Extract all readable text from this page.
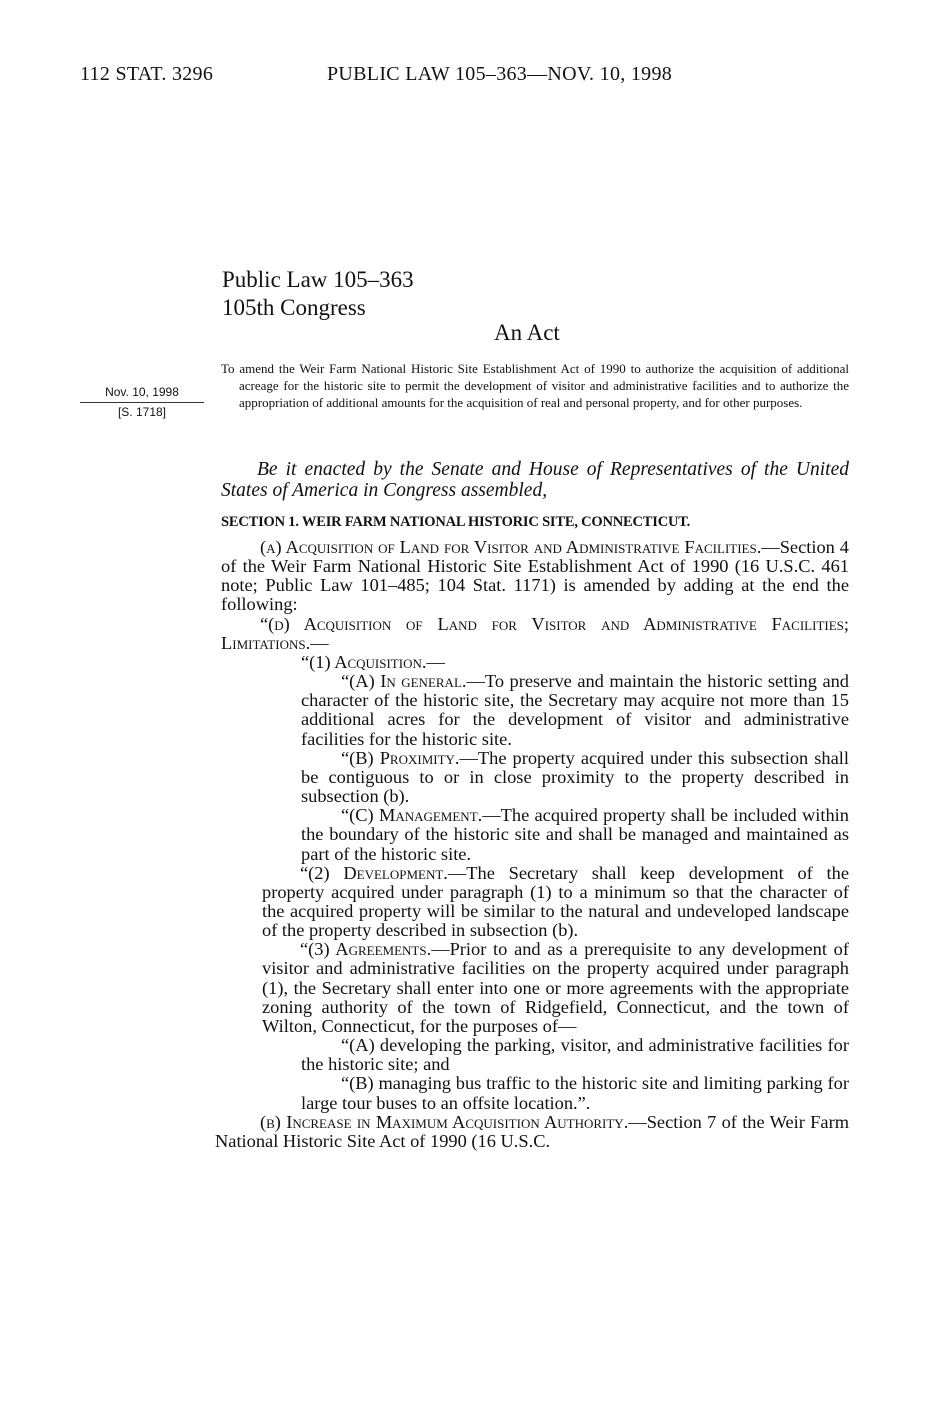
112 STAT. 3296	PUBLIC LAW 105–363—NOV. 10, 1998
Public Law 105–363
105th Congress
An Act
Nov. 10, 1998
[S. 1718]
To amend the Weir Farm National Historic Site Establishment Act of 1990 to authorize the acquisition of additional acreage for the historic site to permit the development of visitor and administrative facilities and to authorize the appropriation of additional amounts for the acquisition of real and personal property, and for other purposes.
Be it enacted by the Senate and House of Representatives of the United States of America in Congress assembled,
SECTION 1. WEIR FARM NATIONAL HISTORIC SITE, CONNECTICUT.

(a) Acquisition of Land for Visitor and Administrative Facilities.—Section 4 of the Weir Farm National Historic Site Establishment Act of 1990 (16 U.S.C. 461 note; Public Law 101–485; 104 Stat. 1171) is amended by adding at the end the following:

“(d) Acquisition of Land for Visitor and Administrative Facilities; Limitations.—

“(1) Acquisition.—

“(A) In general.—To preserve and maintain the historic setting and character of the historic site, the Secretary may acquire not more than 15 additional acres for the development of visitor and administrative facilities for the historic site.

“(B) Proximity.—The property acquired under this subsection shall be contiguous to or in close proximity to the property described in subsection (b).

“(C) Management.—The acquired property shall be included within the boundary of the historic site and shall be managed and maintained as part of the historic site.

“(2) Development.—The Secretary shall keep development of the property acquired under paragraph (1) to a minimum so that the character of the acquired property will be similar to the natural and undeveloped landscape of the property described in subsection (b).

“(3) Agreements.—Prior to and as a prerequisite to any development of visitor and administrative facilities on the property acquired under paragraph (1), the Secretary shall enter into one or more agreements with the appropriate zoning authority of the town of Ridgefield, Connecticut, and the town of Wilton, Connecticut, for the purposes of—

“(A) developing the parking, visitor, and administrative facilities for the historic site; and

“(B) managing bus traffic to the historic site and limiting parking for large tour buses to an offsite location.”.

(b) Increase in Maximum Acquisition Authority.—Section 7 of the Weir Farm National Historic Site Act of 1990 (16 U.S.C.
